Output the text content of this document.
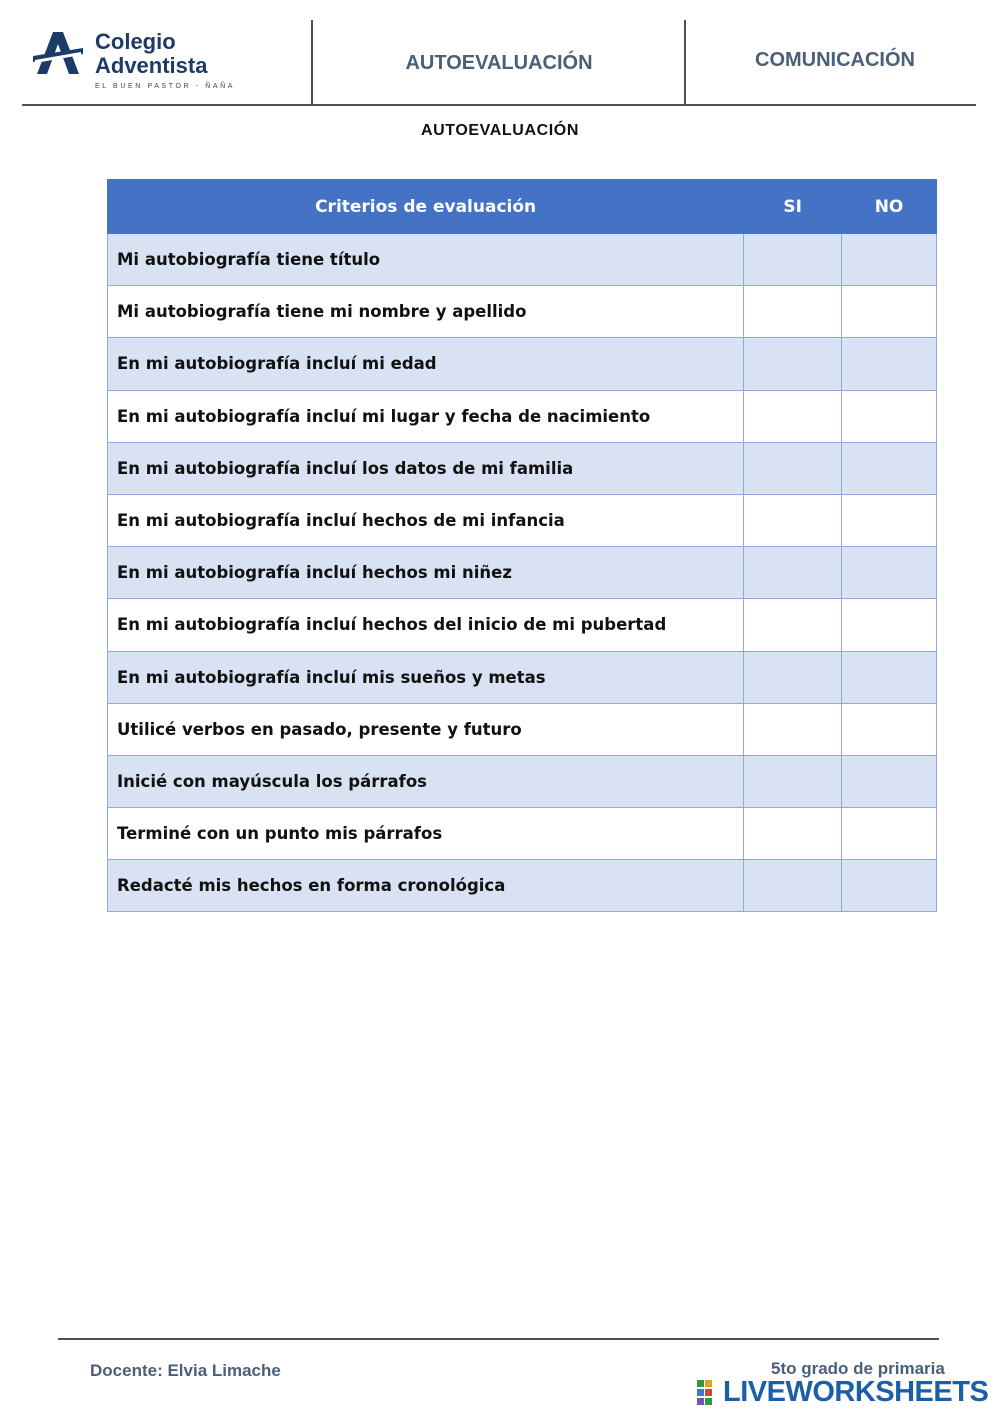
Colegio
Adventista
EL BUEN PASTOR - ÑAÑA
AUTOEVALUACIÓN	COMUNICACIÓN
AUTOEVALUACIÓN
Criterios de evaluación	SI	NO
Mi autobiografía tiene título		
Mi autobiografía tiene mi nombre y apellido		
En mi autobiografía incluí mi edad		
En mi autobiografía incluí mi lugar y fecha de nacimiento		
En mi autobiografía incluí los datos de mi familia		
En mi autobiografía incluí hechos de mi infancia		
En mi autobiografía incluí hechos mi niñez		
En mi autobiografía incluí hechos del inicio de mi pubertad		
En mi autobiografía incluí mis sueños y metas		
Utilicé verbos en pasado, presente y futuro		
Inicié con mayúscula los párrafos		
Terminé con un punto mis párrafos		
Redacté mis hechos en forma cronológica		
Docente: Elvia Limache	5to grado de primaria
LIVEWORKSHEETS
